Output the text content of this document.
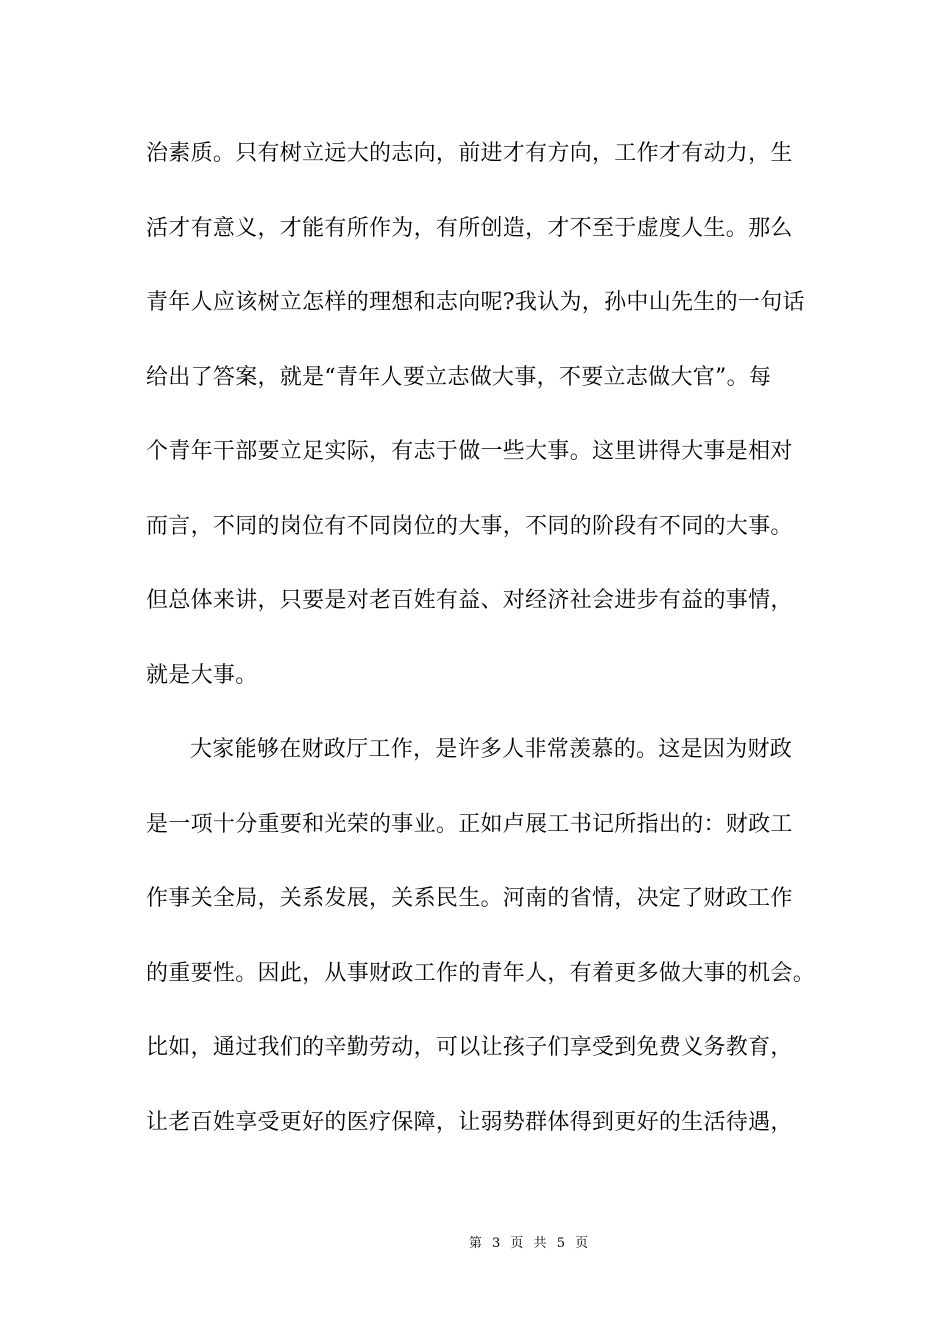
治素质。只有树立远大的志向，前进才有方向，工作才有动力，生
活才有意义，才能有所作为，有所创造，才不至于虚度人生。那么
青年人应该树立怎样的理想和志向呢?我认为，孙中山先生的一句话
给出了答案，就是“青年人要立志做大事，不要立志做大官”。每
个青年干部要立足实际，有志于做一些大事。这里讲得大事是相对
而言，不同的岗位有不同岗位的大事，不同的阶段有不同的大事。
但总体来讲，只要是对老百姓有益、对经济社会进步有益的事情，
就是大事。
大家能够在财政厅工作，是许多人非常羡慕的。这是因为财政
是一项十分重要和光荣的事业。正如卢展工书记所指出的：财政工
作事关全局，关系发展，关系民生。河南的省情，决定了财政工作
的重要性。因此，从事财政工作的青年人，有着更多做大事的机会。
比如，通过我们的辛勤劳动，可以让孩子们享受到免费义务教育，
让老百姓享受更好的医疗保障，让弱势群体得到更好的生活待遇，
第 3 页 共 5 页
